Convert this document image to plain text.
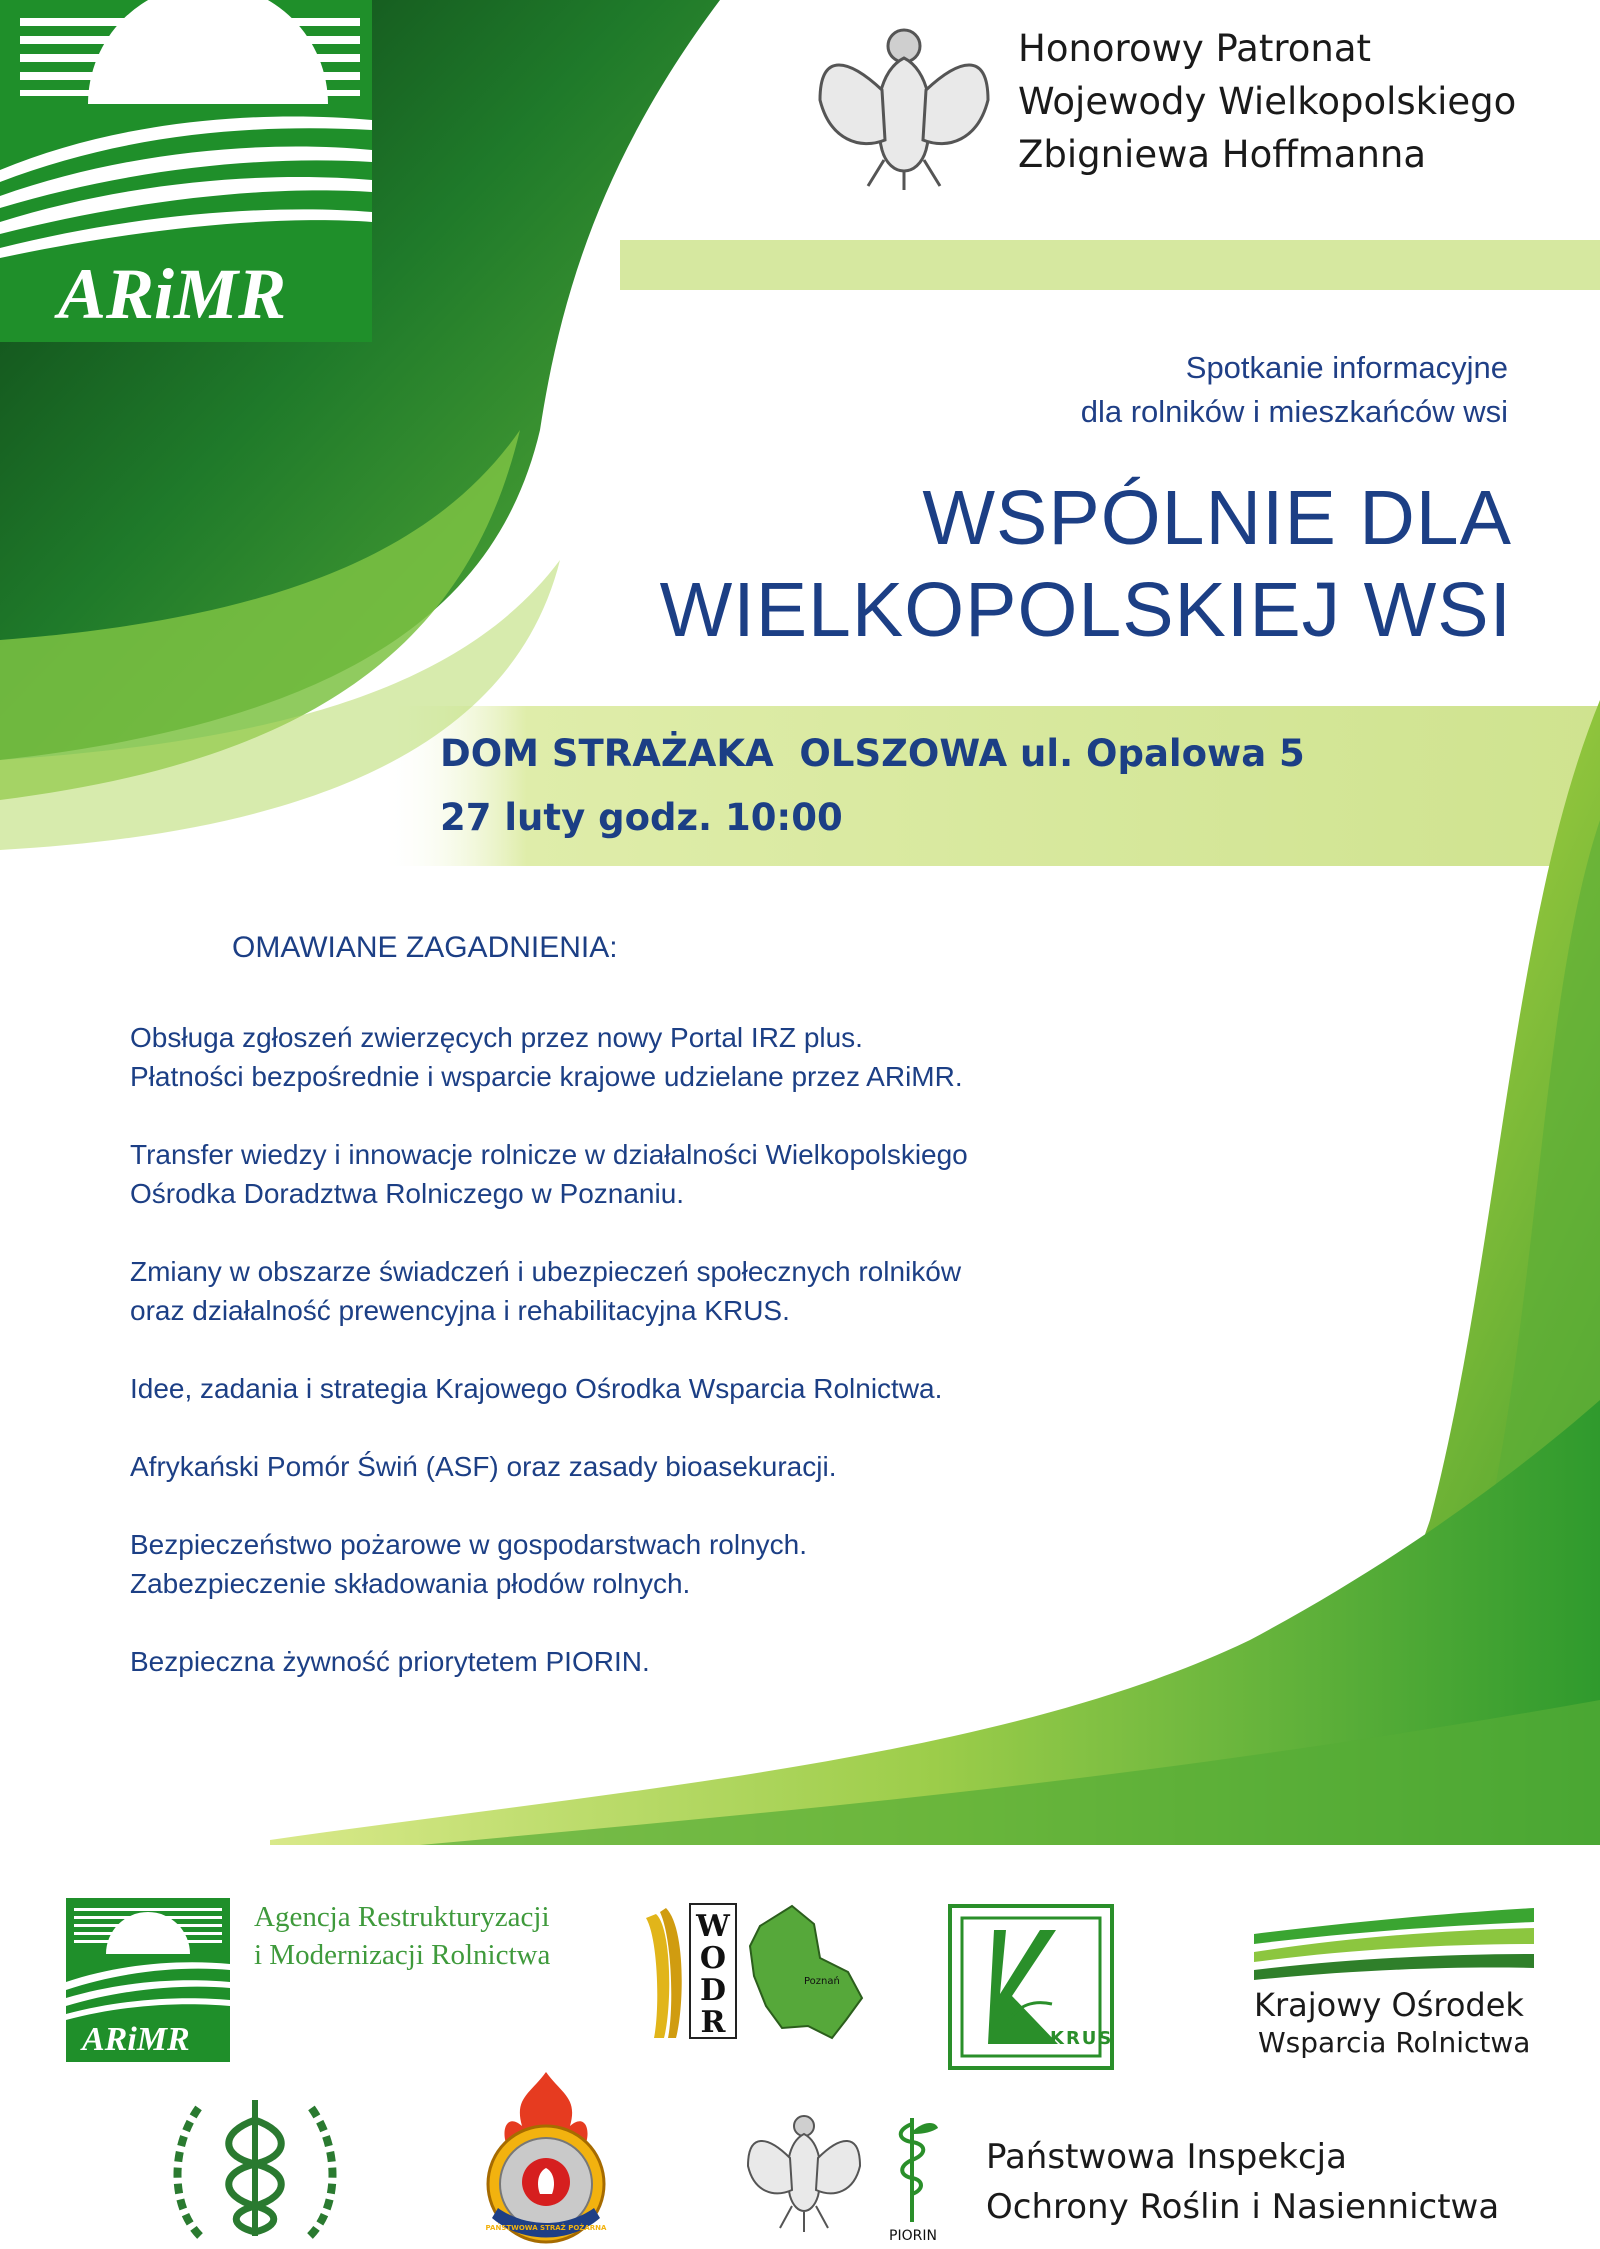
ARiMR
Honorowy Patronat
Wojewody Wielkopolskiego
Zbigniewa Hoffmanna
Spotkanie informacyjne
dla rolników i mieszkańców wsi
WSPÓLNIE DLA
WIELKOPOLSKIEJ WSI
DOM STRAŻAKA  OLSZOWA ul. Opalowa 5
27 luty godz. 10:00
OMAWIANE ZAGADNIENIA:
Obsługa zgłoszeń zwierzęcych przez nowy Portal IRZ plus.
Płatności bezpośrednie i wsparcie krajowe udzielane przez ARiMR.
Transfer wiedzy i innowacje rolnicze w działalności Wielkopolskiego
Ośrodka Doradztwa Rolniczego w Poznaniu.
Zmiany w obszarze świadczeń i ubezpieczeń społecznych rolników
oraz działalność prewencyjna i rehabilitacyjna KRUS.
Idee, zadania i strategia Krajowego Ośrodka Wsparcia Rolnictwa.
Afrykański Pomór Świń (ASF) oraz zasady bioasekuracji.
Bezpieczeństwo pożarowe w gospodarstwach rolnych.
Zabezpieczenie składowania płodów rolnych.
Bezpieczna żywność priorytetem PIORIN.
ARiMR
Agencja Restrukturyzacji
i Modernizacji Rolnictwa
W
O
D
R
Poznań
KRUS
Krajowy Ośrodek
Wsparcia Rolnictwa
PAŃSTWOWA STRAŻ POŻARNA	PIORIN
Państwowa Inspekcja
Ochrony Roślin i Nasiennictwa
